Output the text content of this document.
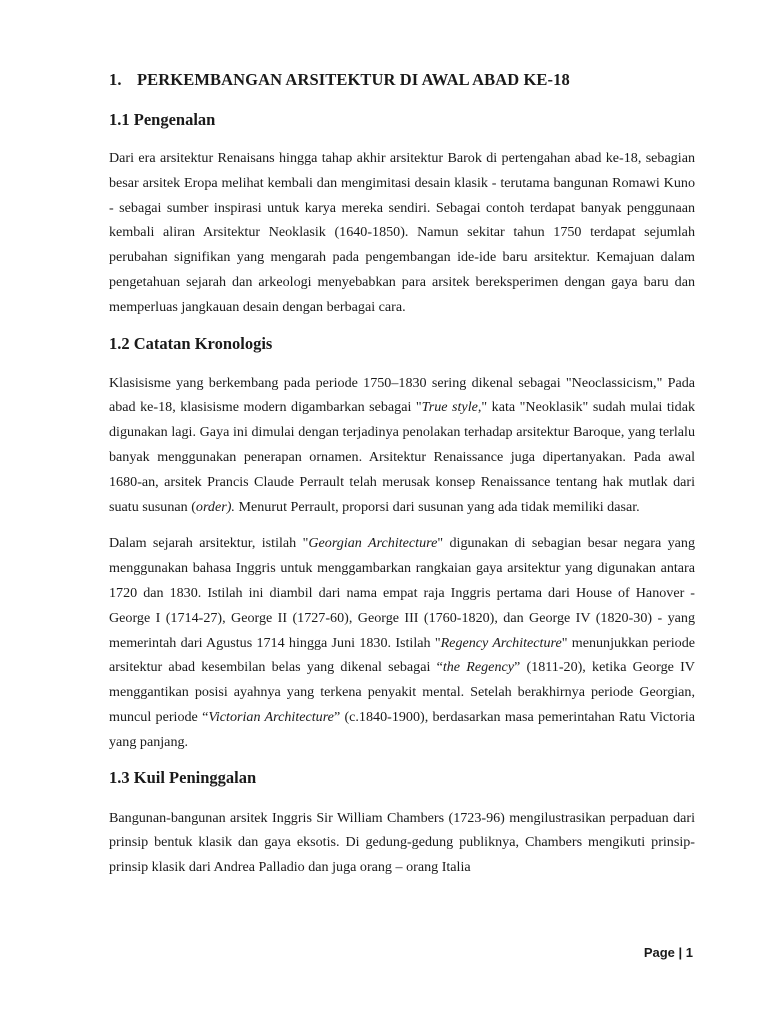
1. PERKEMBANGAN ARSITEKTUR DI AWAL ABAD KE-18
1.1 Pengenalan

Dari era arsitektur Renaisans hingga tahap akhir arsitektur Barok di pertengahan abad ke-18, sebagian besar arsitek Eropa melihat kembali dan mengimitasi desain klasik - terutama bangunan Romawi Kuno - sebagai sumber inspirasi untuk karya mereka sendiri. Sebagai contoh terdapat banyak penggunaan kembali aliran Arsitektur Neoklasik (1640-1850). Namun sekitar tahun 1750 terdapat sejumlah perubahan signifikan yang mengarah pada pengembangan ide-ide baru arsitektur. Kemajuan dalam pengetahuan sejarah dan arkeologi menyebabkan para arsitek bereksperimen dengan gaya baru dan memperluas jangkauan desain dengan berbagai cara.

1.2 Catatan Kronologis

Klasisisme yang berkembang pada periode 1750–1830 sering dikenal sebagai "Neoclassicism," Pada abad ke-18, klasisisme modern digambarkan sebagai "True style," kata "Neoklasik" sudah mulai tidak digunakan lagi. Gaya ini dimulai dengan terjadinya penolakan terhadap arsitektur Baroque, yang terlalu banyak menggunakan penerapan ornamen. Arsitektur Renaissance juga dipertanyakan. Pada awal 1680-an, arsitek Prancis Claude Perrault telah merusak konsep Renaissance tentang hak mutlak dari suatu susunan (order). Menurut Perrault, proporsi dari susunan yang ada tidak memiliki dasar.

Dalam sejarah arsitektur, istilah "Georgian Architecture" digunakan di sebagian besar negara yang menggunakan bahasa Inggris untuk menggambarkan rangkaian gaya arsitektur yang digunakan antara 1720 dan 1830. Istilah ini diambil dari nama empat raja Inggris pertama dari House of Hanover - George I (1714-27), George II (1727-60), George III (1760-1820), dan George IV (1820-30) - yang memerintah dari Agustus 1714 hingga Juni 1830. Istilah "Regency Architecture" menunjukkan periode arsitektur abad kesembilan belas yang dikenal sebagai “the Regency” (1811-20), ketika George IV menggantikan posisi ayahnya yang terkena penyakit mental. Setelah berakhirnya periode Georgian, muncul periode “Victorian Architecture” (c.1840-1900), berdasarkan masa pemerintahan Ratu Victoria yang panjang.

1.3 Kuil Peninggalan

Bangunan-bangunan arsitek Inggris Sir William Chambers (1723-96) mengilustrasikan perpaduan dari prinsip bentuk klasik dan gaya eksotis. Di gedung-gedung publiknya, Chambers mengikuti prinsip-prinsip klasik dari Andrea Palladio dan juga orang – orang Italia

Page | 1
